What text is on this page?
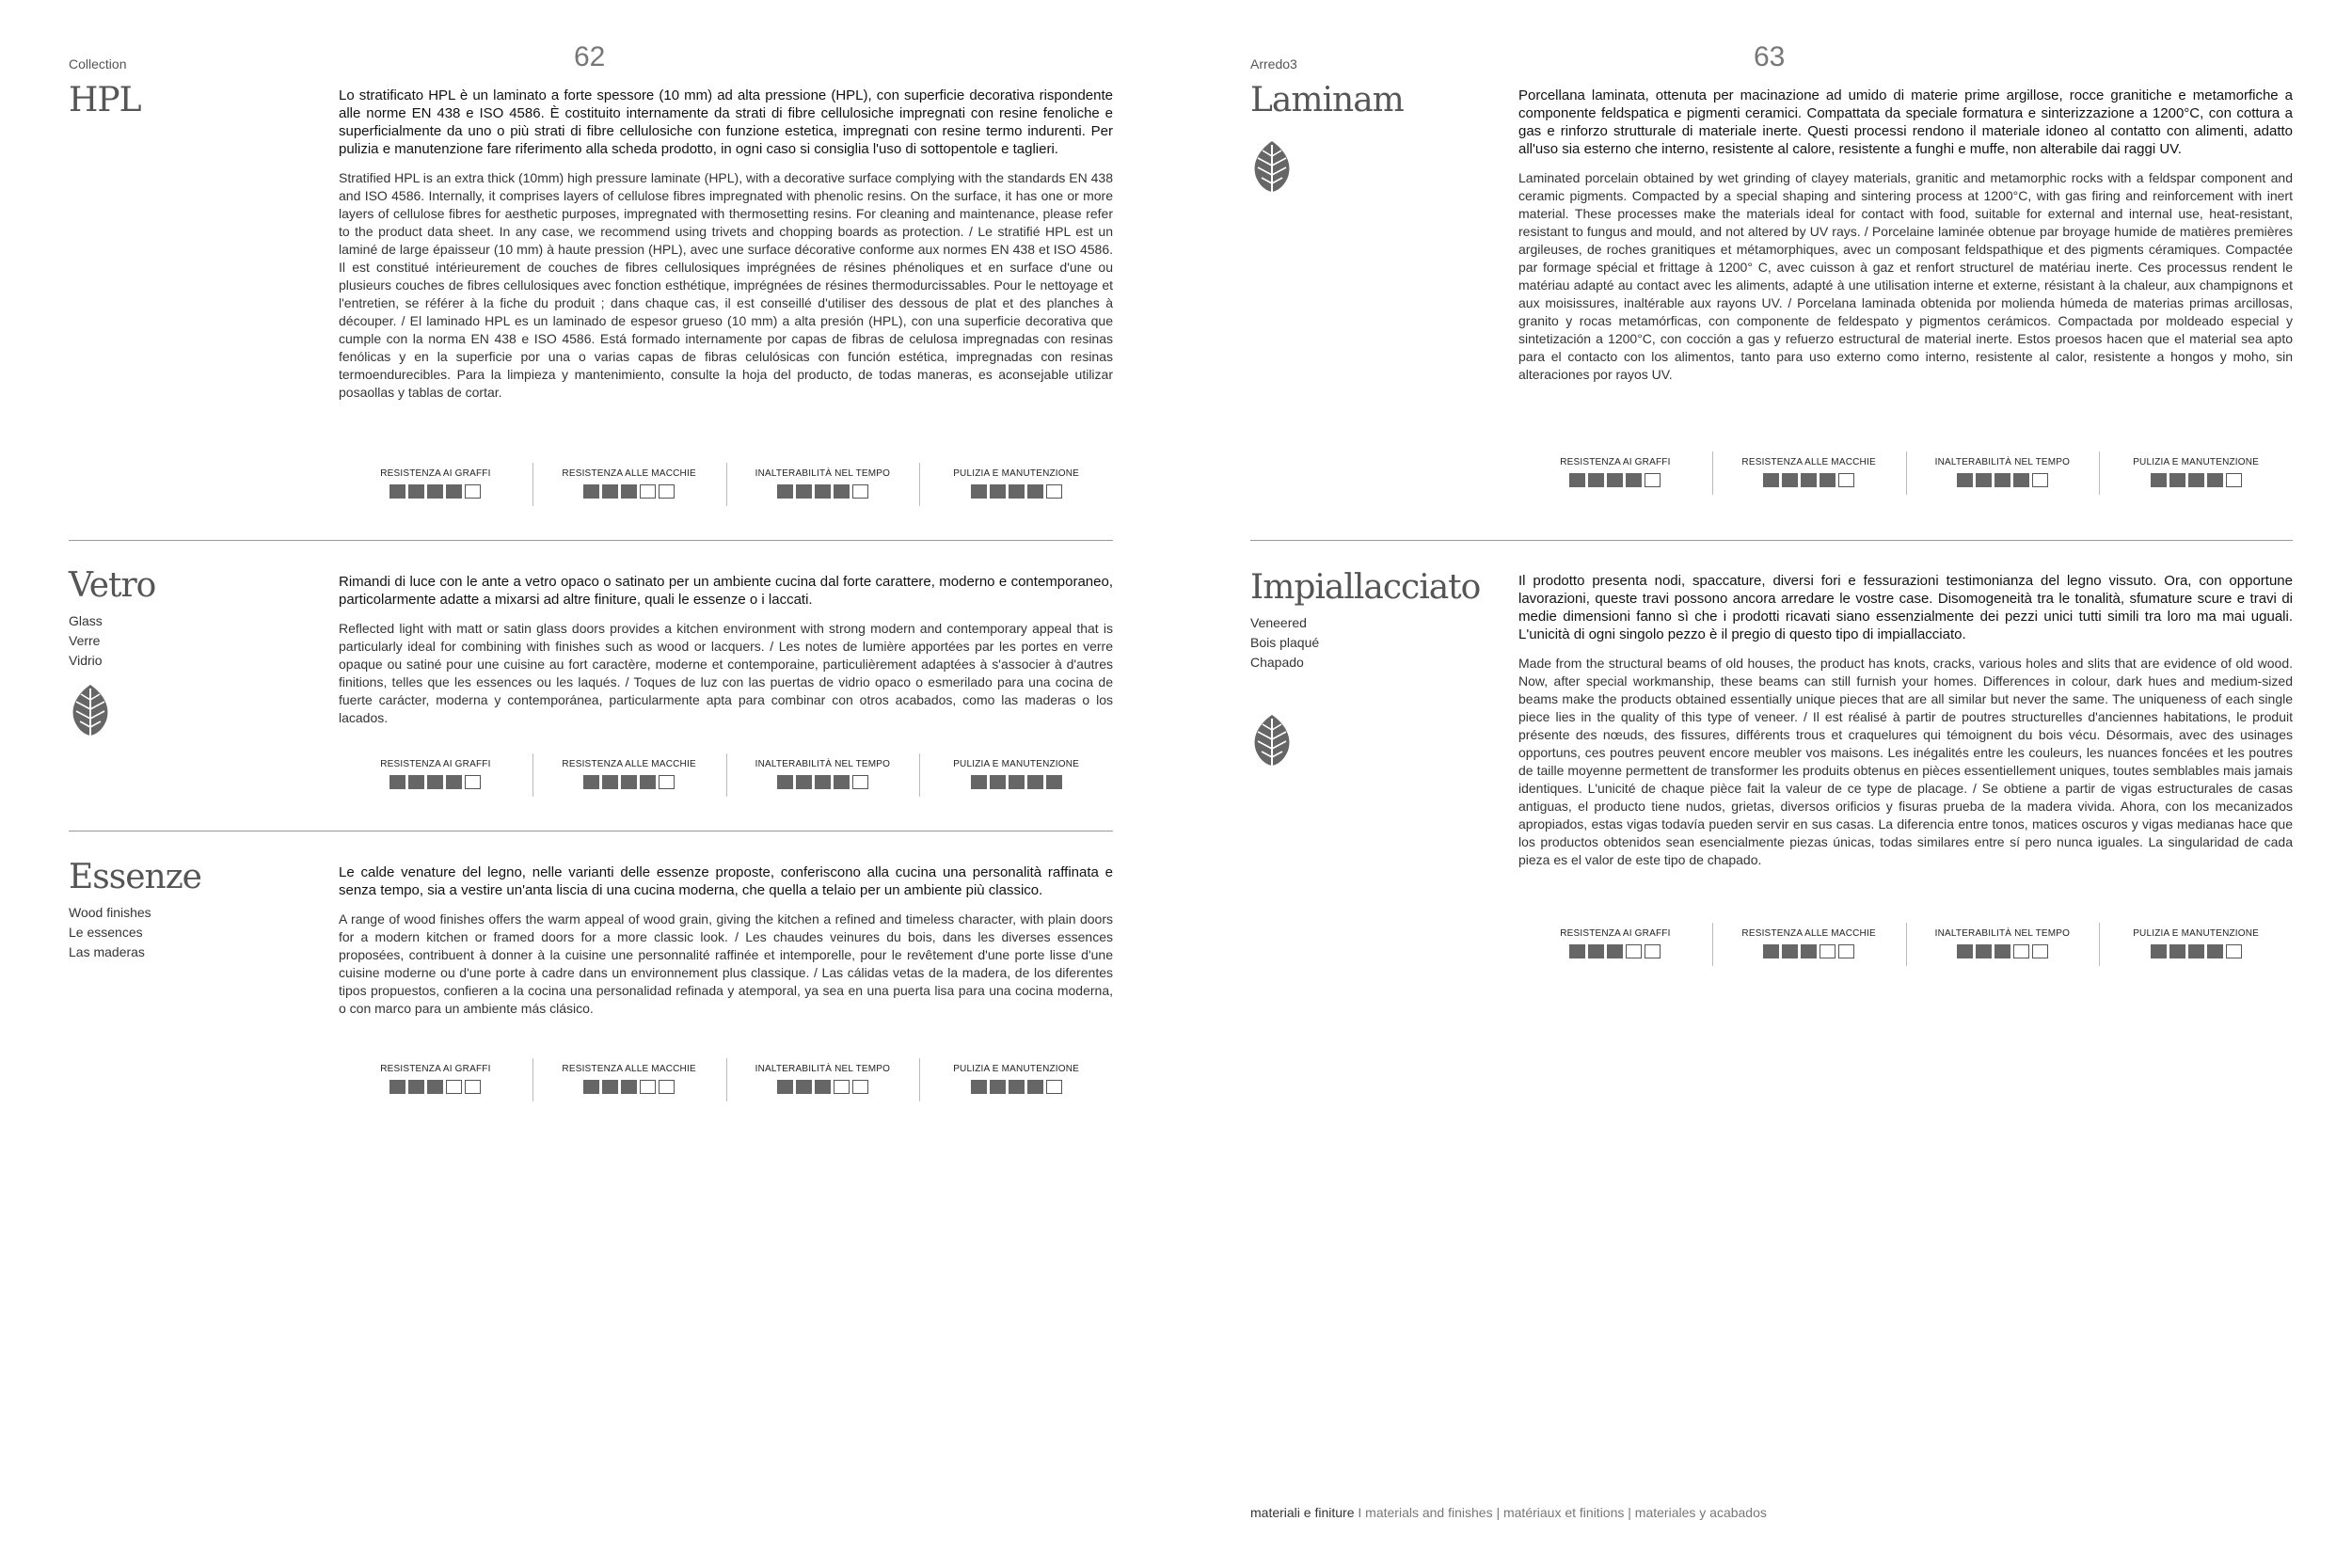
Collection	62
HPL	Lo stratificato HPL è un laminato a forte spessore (10 mm) ad alta pressione (HPL), con superficie decorativa rispondente alle norme EN 438 e ISO 4586. È costituito internamente da strati di fibre cellulosiche impregnati con resine fenoliche e superficialmente da uno o più strati di fibre cellulosiche con funzione estetica, impregnati con resine termo indurenti. Per pulizia e manutenzione fare riferimento alla scheda prodotto, in ogni caso si consiglia l'uso di sottopentole e taglieri.

Stratified HPL is an extra thick (10mm) high pressure laminate (HPL), with a decorative surface complying with the standards EN 438 and ISO 4586. Internally, it comprises layers of cellulose fibres impregnated with phenolic resins. On the surface, it has one or more layers of cellulose fibres for aesthetic purposes, impregnated with thermosetting resins. For cleaning and maintenance, please refer to the product data sheet. In any case, we recommend using trivets and chopping boards as protection. / Le stratifié HPL est un laminé de large épaisseur (10 mm) à haute pression (HPL), avec une surface décorative conforme aux normes EN 438 et ISO 4586. Il est constitué intérieurement de couches de fibres cellulosiques imprégnées de résines phénoliques et en surface d'une ou plusieurs couches de fibres cellulosiques avec fonction esthétique, imprégnées de résines thermodurcissables. Pour le nettoyage et l'entretien, se référer à la fiche du produit ; dans chaque cas, il est conseillé d'utiliser des dessous de plat et des planches à découper. / El laminado HPL es un laminado de espesor grueso (10 mm) a alta presión (HPL), con una superficie decorativa que cumple con la norma EN 438 e ISO 4586. Está formado internamente por capas de fibras de celulosa impregnadas con resinas fenólicas y en la superficie por una o varias capas de fibras celulósicas con función estética, impregnadas con resinas termoendurecibles. Para la limpieza y mantenimiento, consulte la hoja del producto, de todas maneras, es aconsejable utilizar posaollas y tablas de cortar.

RESISTENZA AI GRAFFI	RESISTENZA ALLE MACCHIE	INALTERABILITÀ NEL TEMPO	PULIZIA E MANUTENZIONE
Vetro
Glass
Verre
Vidrio

Rimandi di luce con le ante a vetro opaco o satinato per un ambiente cucina dal forte carattere, moderno e contemporaneo, particolarmente adatte a mixarsi ad altre finiture, quali le essenze o i laccati.

Reflected light with matt or satin glass doors provides a kitchen environment with strong modern and contemporary appeal that is particularly ideal for combining with finishes such as wood or lacquers. / Les notes de lumière apportées par les portes en verre opaque ou satiné pour une cuisine au fort caractère, moderne et contemporaine, particulièrement adaptées à s'associer à d'autres finitions, telles que les essences ou les laqués. / Toques de luz con las puertas de vidrio opaco o esmerilado para una cocina de fuerte carácter, moderna y contemporánea, particularmente apta para combinar con otros acabados, como las maderas o los lacados.

RESISTENZA AI GRAFFI	RESISTENZA ALLE MACCHIE	INALTERABILITÀ NEL TEMPO	PULIZIA E MANUTENZIONE
Essenze
Wood finishes
Le essences
Las maderas

Le calde venature del legno, nelle varianti delle essenze proposte, conferiscono alla cucina una personalità raffinata e senza tempo, sia a vestire un'anta liscia di una cucina moderna, che quella a telaio per un ambiente più classico.

A range of wood finishes offers the warm appeal of wood grain, giving the kitchen a refined and timeless character, with plain doors for a modern kitchen or framed doors for a more classic look. / Les chaudes veinures du bois, dans les diverses essences proposées, contribuent à donner à la cuisine une personnalité raffinée et intemporelle, pour le revêtement d'une porte lisse d'une cuisine moderne ou d'une porte à cadre dans un environnement plus classique. / Las cálidas vetas de la madera, de los diferentes tipos propuestos, confieren a la cocina una personalidad refinada y atemporal, ya sea en una puerta lisa para una cocina moderna, o con marco para un ambiente más clásico.

RESISTENZA AI GRAFFI	RESISTENZA ALLE MACCHIE	INALTERABILITÀ NEL TEMPO	PULIZIA E MANUTENZIONE
Arredo3	63
Laminam	Porcellana laminata, ottenuta per macinazione ad umido di materie prime argillose, rocce granitiche e metamorfiche a componente feldspatica e pigmenti ceramici. Compattata da speciale formatura e sinterizzazione a 1200°C, con cottura a gas e rinforzo strutturale di materiale inerte. Questi processi rendono il materiale idoneo al contatto con alimenti, adatto all'uso sia esterno che interno, resistente al calore, resistente a funghi e muffe, non alterabile dai raggi UV.

Laminated porcelain obtained by wet grinding of clayey materials, granitic and metamorphic rocks with a feldspar component and ceramic pigments. Compacted by a special shaping and sintering process at 1200°C, with gas firing and reinforcement with inert material. These processes make the materials ideal for contact with food, suitable for external and internal use, heat-resistant, resistant to fungus and mould, and not altered by UV rays. / Porcelaine laminée obtenue par broyage humide de matières premières argileuses, de roches granitiques et métamorphiques, avec un composant feldspathique et des pigments céramiques. Compactée par formage spécial et frittage à 1200° C, avec cuisson à gaz et renfort structurel de matériau inerte. Ces processus rendent le matériau adapté au contact avec les aliments, adapté à une utilisation interne et externe, résistant à la chaleur, aux champignons et aux moisissures, inaltérable aux rayons UV. / Porcelana laminada obtenida por molienda húmeda de materias primas arcillosas, granito y rocas metamórficas, con componente de feldespato y pigmentos cerámicos. Compactada por moldeado especial y sintetización a 1200°C, con cocción a gas y refuerzo estructural de material inerte. Estos proesos hacen que el material sea apto para el contacto con los alimentos, tanto para uso externo como interno, resistente al calor, resistente a hongos y moho, sin alteraciones por rayos UV.

RESISTENZA AI GRAFFI	RESISTENZA ALLE MACCHIE	INALTERABILITÀ NEL TEMPO	PULIZIA E MANUTENZIONE
Impiallacciato
Veneered
Bois plaqué
Chapado

Il prodotto presenta nodi, spaccature, diversi fori e fessurazioni testimonianza del legno vissuto. Ora, con opportune lavorazioni, queste travi possono ancora arredare le vostre case. Disomogeneità tra le tonalità, sfumature scure e travi di medie dimensioni fanno sì che i prodotti ricavati siano essenzialmente dei pezzi unici tutti simili tra loro ma mai uguali. L'unicità di ogni singolo pezzo è il pregio di questo tipo di impiallacciato.

Made from the structural beams of old houses, the product has knots, cracks, various holes and slits that are evidence of old wood. Now, after special workmanship, these beams can still furnish your homes. Differences in colour, dark hues and medium-sized beams make the products obtained essentially unique pieces that are all similar but never the same. The uniqueness of each single piece lies in the quality of this type of veneer. / Il est réalisé à partir de poutres structurelles d'anciennes habitations, le produit présente des nœuds, des fissures, différents trous et craquelures qui témoignent du bois vécu. Désormais, avec des usinages opportuns, ces poutres peuvent encore meubler vos maisons. Les inégalités entre les couleurs, les nuances foncées et les poutres de taille moyenne permettent de transformer les produits obtenus en pièces essentiellement uniques, toutes semblables mais jamais identiques. L'unicité de chaque pièce fait la valeur de ce type de placage. / Se obtiene a partir de vigas estructurales de casas antiguas, el producto tiene nudos, grietas, diversos orificios y fisuras prueba de la madera vivida. Ahora, con los mecanizados apropiados, estas vigas todavía pueden servir en sus casas. La diferencia entre tonos, matices oscuros y vigas medianas hace que los productos obtenidos sean esencialmente piezas únicas, todas similares entre sí pero nunca iguales. La singularidad de cada pieza es el valor de este tipo de chapado.

RESISTENZA AI GRAFFI	RESISTENZA ALLE MACCHIE	INALTERABILITÀ NEL TEMPO	PULIZIA E MANUTENZIONE
materiali e finiture I materials and finishes | matériaux et finitions | materiales y acabados
